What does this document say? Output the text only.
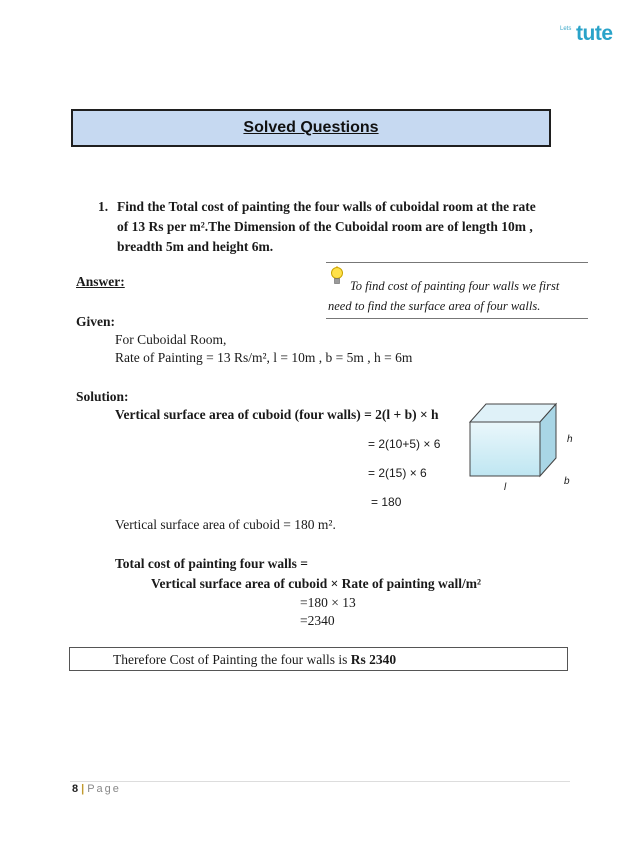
Lets tute
Solved Questions
1. Find the Total cost of painting the four walls of cuboidal room at the rate
of 13 Rs per m².The Dimension of the Cuboidal room are of length 10m ,
breadth 5m and height 6m.
Answer:	To find cost of painting four walls we first
need to find the surface area of four walls.
Given:
For Cuboidal Room,
Rate of Painting = 13 Rs/m², l = 10m , b = 5m , h = 6m
Solution:
Vertical surface area of cuboid (four walls) = 2(l + b) × h
= 2(10+5) × 6
= 2(15) × 6
= 180
h
b
l
Vertical surface area of cuboid = 180 m².
Total cost of painting four walls =
Vertical surface area of cuboid × Rate of painting wall/m²
=180 × 13
=2340
Therefore Cost of Painting the four walls is Rs 2340
8 | Page
